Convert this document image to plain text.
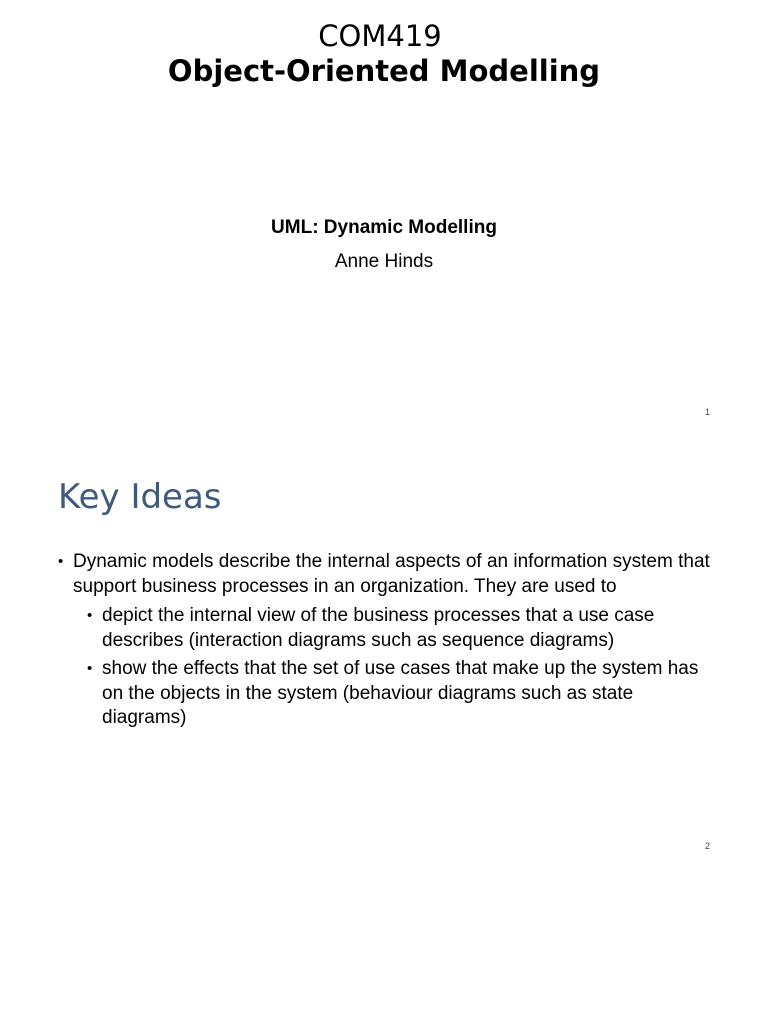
COM419
Object-Oriented Modelling
UML: Dynamic Modelling
Anne Hinds
1
Key Ideas
• Dynamic models describe the internal aspects of an information system that support business processes in an organization. They are used to
• depict the internal view of the business processes that a use case describes (interaction diagrams such as sequence diagrams)
• show the effects that the set of use cases that make up the system has on the objects in the system (behaviour diagrams such as state diagrams)
2
